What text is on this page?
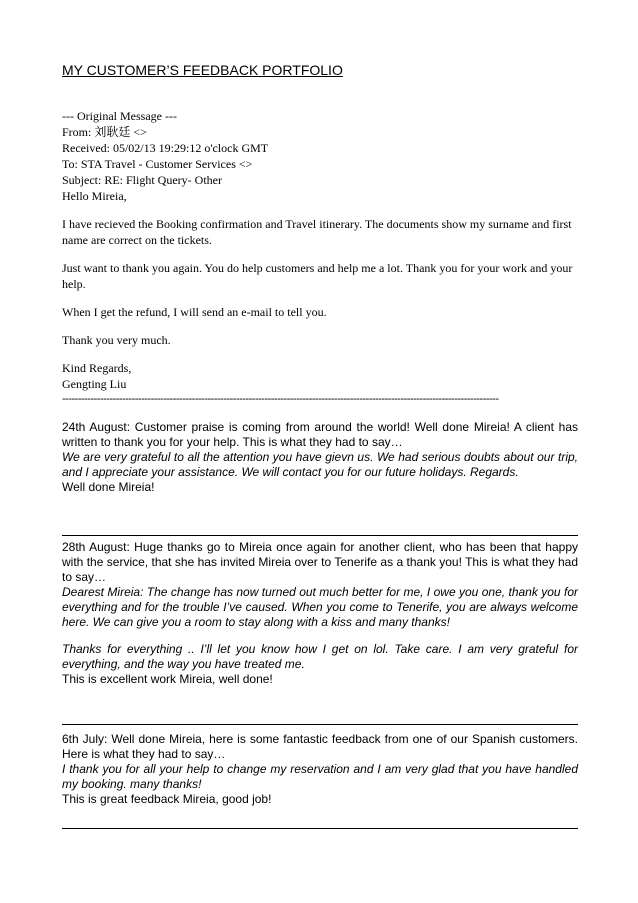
MY CUSTOMER’S FEEDBACK PORTFOLIO

--- Original Message ---

From: 刘耿廷 <>

Received: 05/02/13 19:29:12 o'clock GMT

To: STA Travel - Customer Services <>

Subject: RE: Flight Query- Other

Hello Mireia,

I have recieved the Booking confirmation and Travel itinerary. The documents show my surname and first name are correct on the tickets.

Just want to thank you again. You do help customers and help me a lot. Thank you for your work and your help.

When I get the refund, I will send an e-mail to tell you.

Thank you very much.

Kind Regards,

Gengting Liu

------------------------------------------------------------------------------------------------------------------------------------------

24th August: Customer praise is coming from around the world! Well done Mireia! A client has written to thank you for your help. This is what they had to say…

We are very grateful to all the attention you have gievn us. We had serious doubts about our trip, and I appreciate your assistance. We will contact you for our future holidays. Regards.

Well done Mireia!

28th August: Huge thanks go to Mireia once again for another client, who has been that happy with the service, that she has invited Mireia over to Tenerife as a thank you! This is what they had to say…

Dearest Mireia: The change has now turned out much better for me, I owe you one, thank you for everything and for the trouble I’ve caused. When you come to Tenerife, you are always welcome here. We can give you a room to stay along with a kiss and many thanks!

Thanks for everything .. I’ll let you know how I get on lol. Take care. I am very grateful for everything, and the way you have treated me.

This is excellent work Mireia, well done!

6th July: Well done Mireia, here is some fantastic feedback from one of our Spanish customers. Here is what they had to say…

I thank you for all your help to change my reservation and I am very glad that you have handled my booking. many thanks!

This is great feedback Mireia, good job!
